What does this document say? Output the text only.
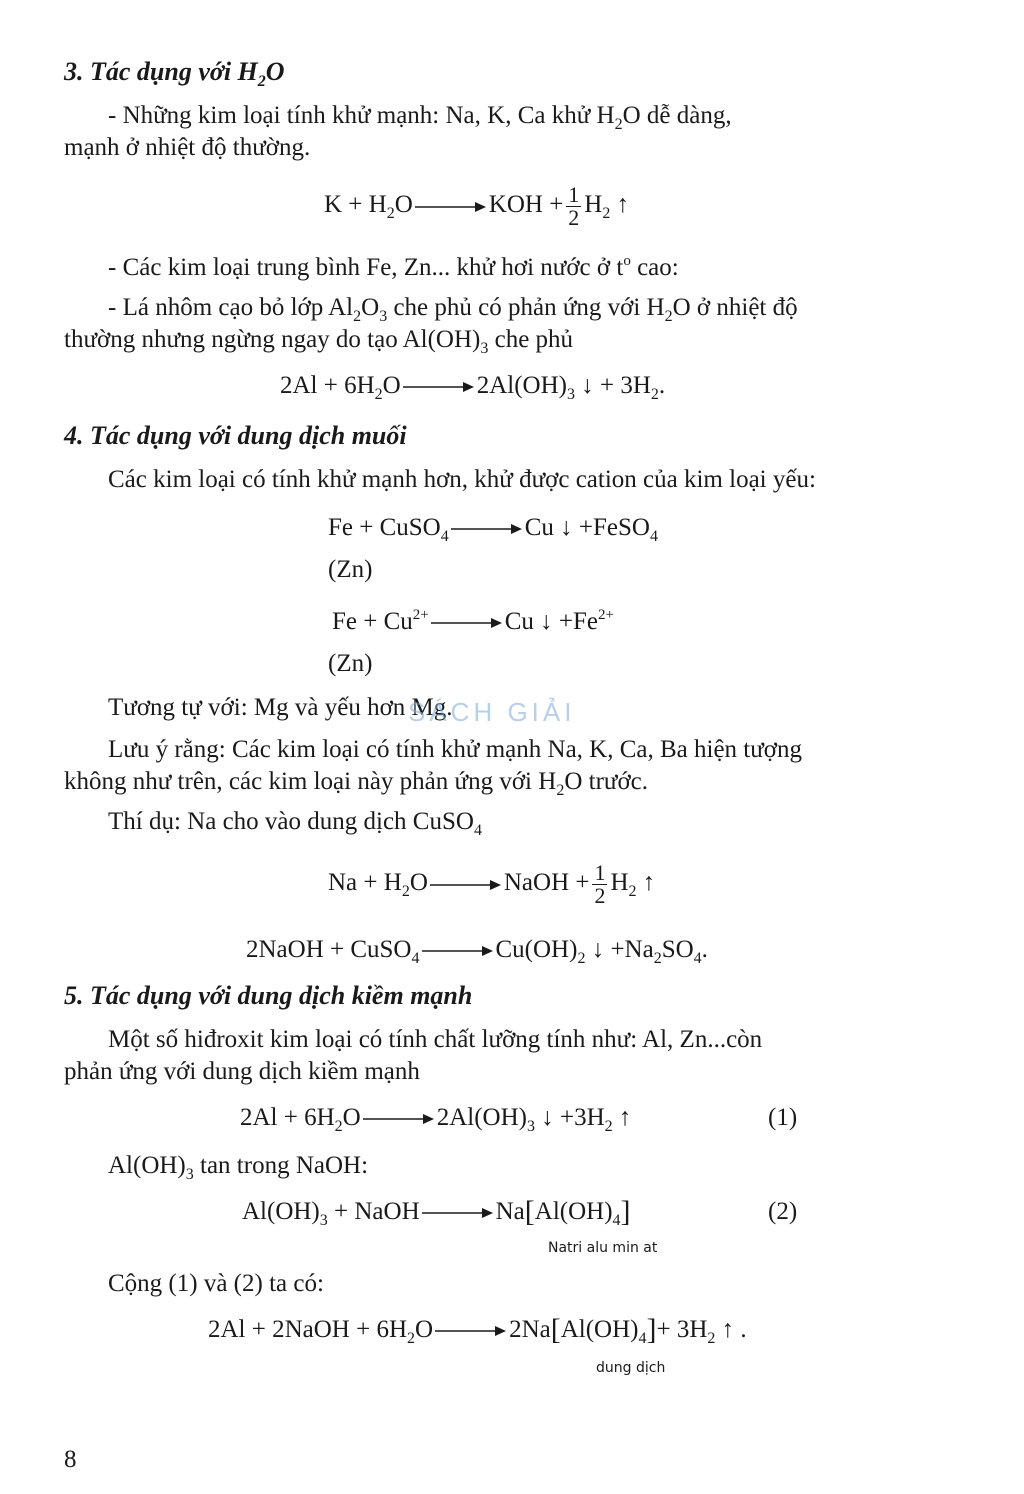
3. Tác dụng với $H_2O$
- Những kim loại tính khử mạnh: Na, K, Ca khử $H_2O$ dễ dàng,
mạnh ở nhiệt độ thường.
$K + H_2O$ → KOH + $\frac{1}{2} H_2$ ↑
- Các kim loại trung bình Fe, Zn... khử hơi nước ở $t^o$ cao:
- Lá nhôm cạo bỏ lớp $Al_2O_3$ che phủ có phản ứng với $H_2O$ ở nhiệt độ
thường nhưng ngừng ngay do tạo $Al(OH)_3$ che phủ
$2Al + 6H_2O \to 2Al(OH)_3$ ↓ + $3H_2$.
4. Tác dụng với dung dịch muối
Các kim loại có tính khử mạnh hơn, khử được cation của kim loại yếu:
Fe + CuSO$_4$ → Cu ↓ +FeSO$_4$
(Zn)
$Fe + Cu^{2+} \to Cu$ ↓ $+Fe^{2+}$
(Zn)
Tương tự với: Mg và yếu hơn Mg.
SÁCH GIẢI
Lưu ý rằng: Các kim loại có tính khử mạnh Na, K, Ca, Ba hiện tượng
không như trên, các kim loại này phản ứng với $H_2O$ trước.
Thí dụ: Na cho vào dung dịch CuSO$_4$
$Na + H_2O$ → NaOH + $\frac{1}{2} H_2$ ↑
2NaOH + CuSO$_4$ → $Cu(OH)_2$ ↓ $+Na_2SO_4$.
5. Tác dụng với dung dịch kiềm mạnh
Một số hiđroxit kim loại có tính chất lưỡng tính như: Al, Zn...còn
phản ứng với dung dịch kiềm mạnh
$2Al + 6H_2O \to 2Al(OH)_3$ ↓ $+3H_2$ ↑	(1)
$Al(OH)_3$ tan trong NaOH:
$Al(OH)_3$ + NaOH → $Na[Al(OH)_4]$	(2)
Natri alu min at
Cộng (1) và (2) ta có:
2Al + 2NaOH + $6H_2O \to 2Na[Al(OH)_4]+ 3H_2$ ↑ .
dung dịch
8
